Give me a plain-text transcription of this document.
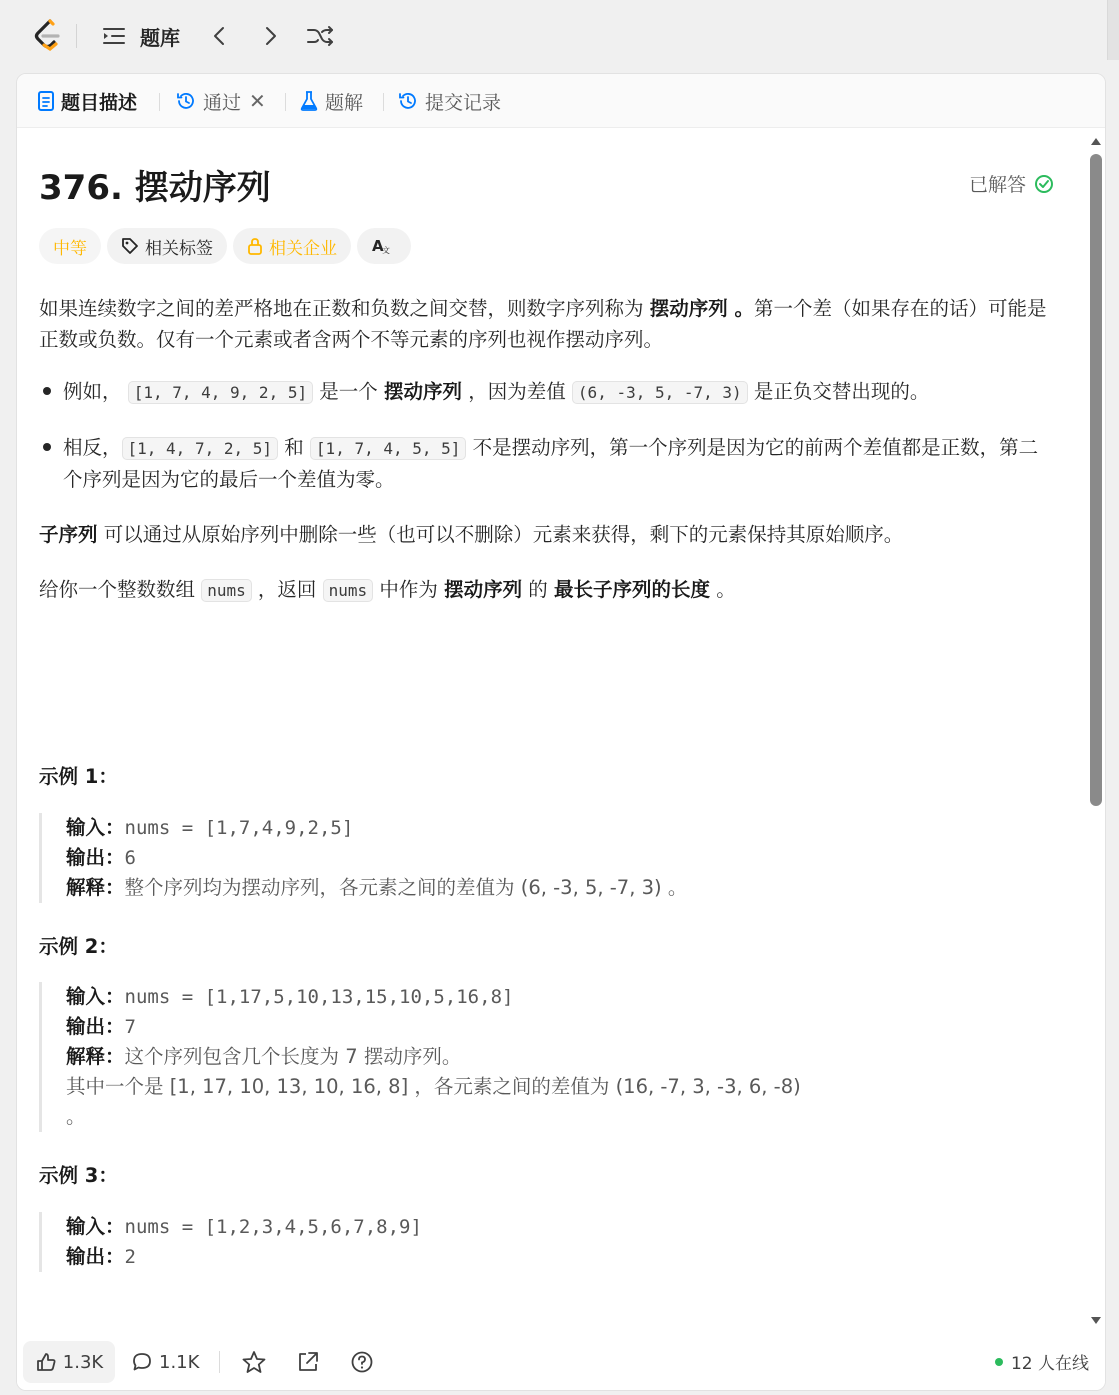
题库
题目描述	通过 ✕	题解	提交记录
376. 摆动序列	已解答
中等	相关标签	相关企业 A
文
如果连续数字之间的差严格地在正数和负数之间交替，则数字序列称为 摆动序列 。第一个差（如果存在的话）可能是正数或负数。仅有一个元素或者含两个不等元素的序列也视作摆动序列。
例如， [1, 7, 4, 9, 2, 5] 是一个 摆动序列 ，因为差值 (6, -3, 5, -7, 3) 是正负交替出现的。
相反， [1, 4, 7, 2, 5] 和 [1, 7, 4, 5, 5] 不是摆动序列，第一个序列是因为它的前两个差值都是正数，第二个序列是因为它的最后一个差值为零。
子序列 可以通过从原始序列中删除一些（也可以不删除）元素来获得，剩下的元素保持其原始顺序。
给你一个整数数组 nums ，返回 nums 中作为 摆动序列 的 最长子序列的长度 。
示例 1：
输入：nums = [1,7,4,9,2,5]
输出：6
解释：整个序列均为摆动序列，各元素之间的差值为 (6, -3, 5, -7, 3) 。
示例 2：
输入：nums = [1,17,5,10,13,15,10,5,16,8]
输出：7
解释：这个序列包含几个长度为 7 摆动序列。
其中一个是 [1, 17, 10, 13, 10, 16, 8] ，各元素之间的差值为 (16, -7, 3, -3, 6, -8)
。
示例 3：
输入：nums = [1,2,3,4,5,6,7,8,9]
输出：2
1.3K	1.1K	12 人在线
